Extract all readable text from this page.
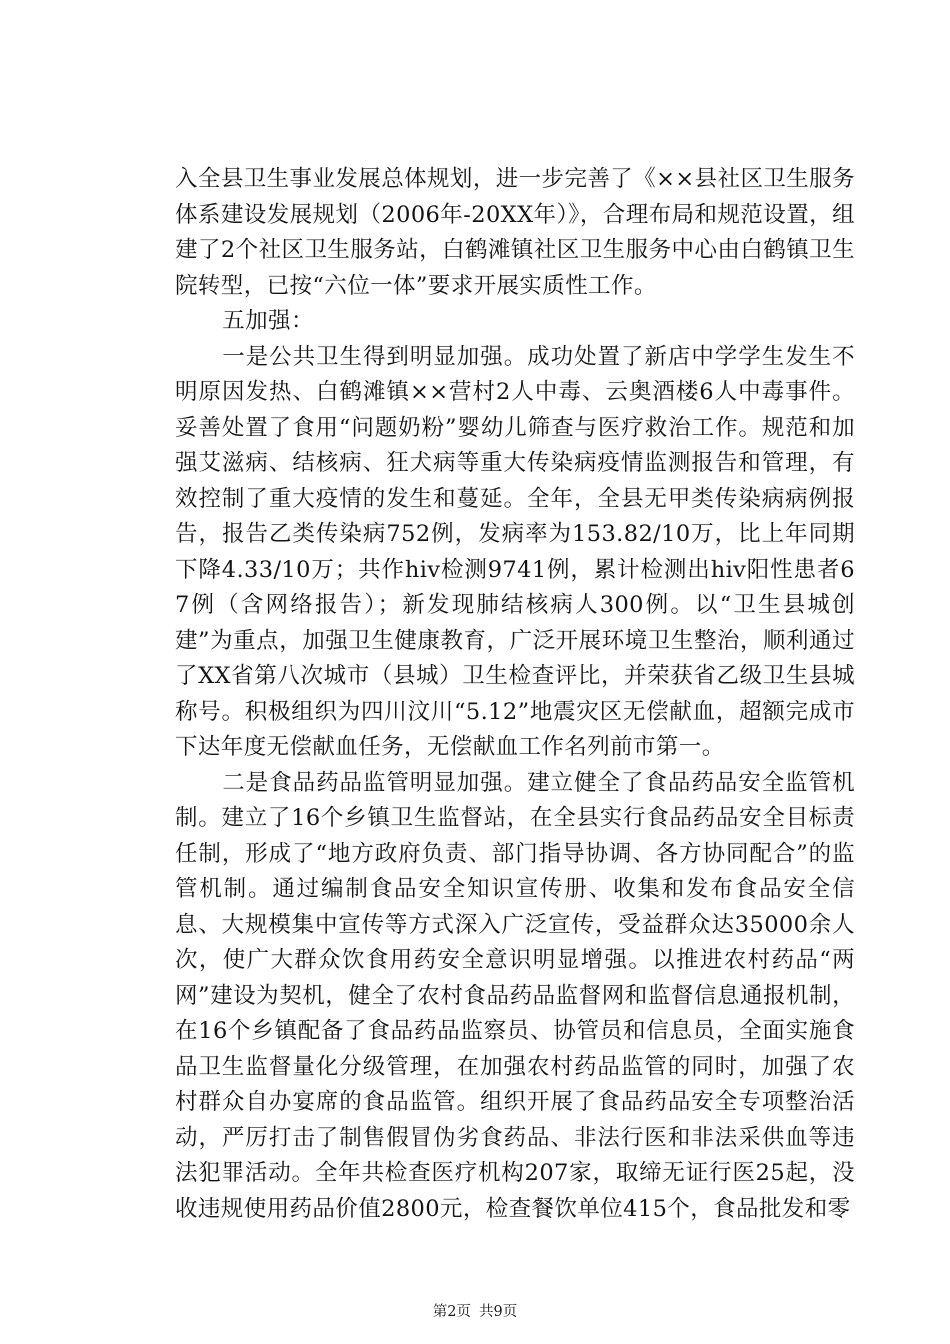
入全县卫生事业发展总体规划，进一步完善了《××县社区卫生服务体系建设发展规划（2006年-20XX年）》，合理布局和规范设置，组建了2个社区卫生服务站，白鹤滩镇社区卫生服务中心由白鹤镇卫生院转型，已按“六位一体”要求开展实质性工作。

五加强：

一是公共卫生得到明显加强。成功处置了新店中学学生发生不明原因发热、白鹤滩镇××营村2人中毒、云奥酒楼6人中毒事件。妥善处置了食用“问题奶粉”婴幼儿筛查与医疗救治工作。规范和加强艾滋病、结核病、狂犬病等重大传染病疫情监测报告和管理，有效控制了重大疫情的发生和蔓延。全年，全县无甲类传染病病例报告，报告乙类传染病752例，发病率为153.82/10万，比上年同期下降4.33/10万；共作hiv检测9741例，累计检测出hiv阳性患者67例（含网络报告）；新发现肺结核病人300例。以“卫生县城创建”为重点，加强卫生健康教育，广泛开展环境卫生整治，顺利通过了XX省第八次城市（县城）卫生检查评比，并荣获省乙级卫生县城称号。积极组织为四川汶川“5.12”地震灾区无偿献血，超额完成市下达年度无偿献血任务，无偿献血工作名列前市第一。

二是食品药品监管明显加强。建立健全了食品药品安全监管机制。建立了16个乡镇卫生监督站，在全县实行食品药品安全目标责任制，形成了“地方政府负责、部门指导协调、各方协同配合”的监管机制。通过编制食品安全知识宣传册、收集和发布食品安全信息、大规模集中宣传等方式深入广泛宣传，受益群众达35000余人次，使广大群众饮食用药安全意识明显增强。以推进农村药品“两网”建设为契机，健全了农村食品药品监督网和监督信息通报机制，在16个乡镇配备了食品药品监察员、协管员和信息员，全面实施食品卫生监督量化分级管理，在加强农村药品监管的同时，加强了农村群众自办宴席的食品监管。组织开展了食品药品安全专项整治活动，严厉打击了制售假冒伪劣食药品、非法行医和非法采供血等违法犯罪活动。全年共检查医疗机构207家，取缔无证行医25起，没收违规使用药品价值2800元，检查餐饮单位415个，食品批发和零

第2页 共9页
